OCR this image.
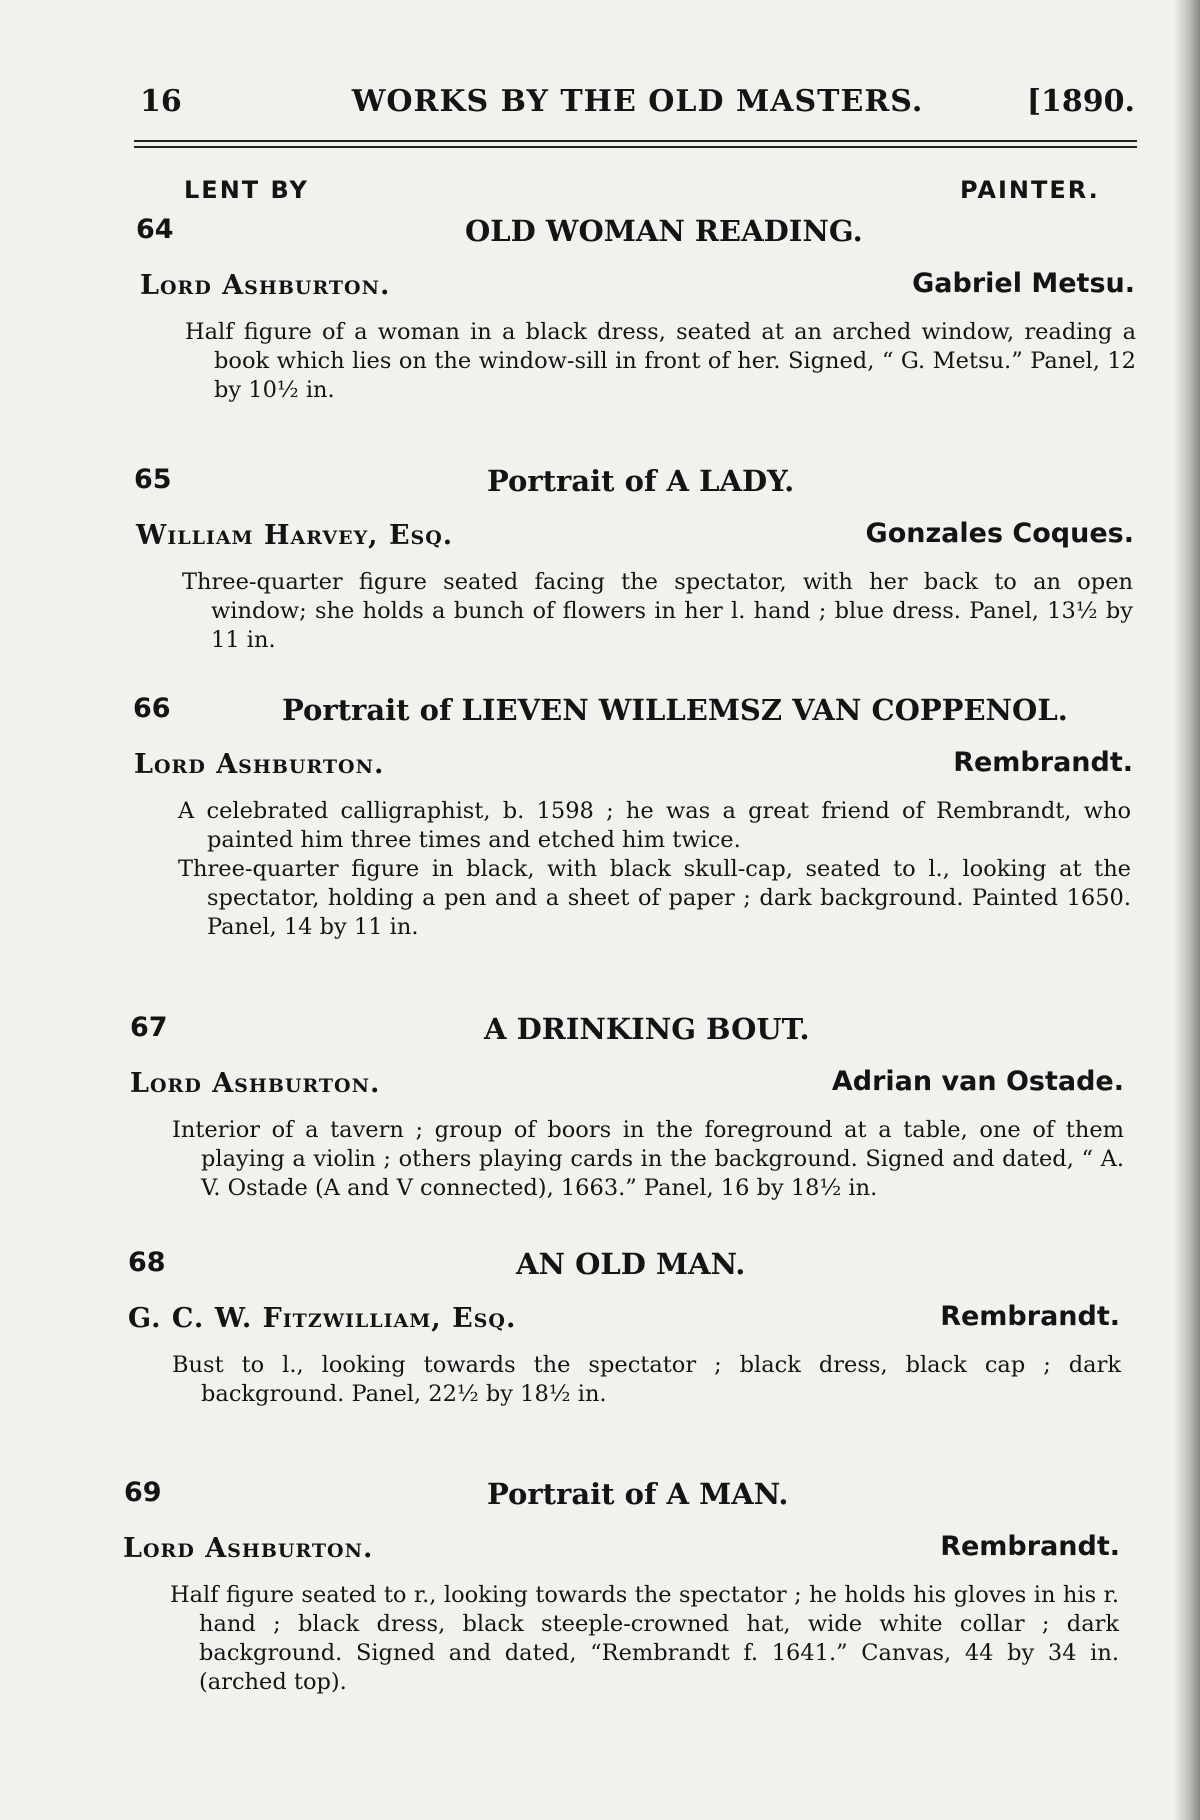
16	WORKS BY THE OLD MASTERS.	[1890.
LENT BY	PAINTER.
64	OLD WOMAN READING.
Lord Ashburton.	Gabriel Metsu.

Half figure of a woman in a black dress, seated at an arched window, reading a book which lies on the window-sill in front of her. Signed, “ G. Metsu.” Panel, 12 by 10½ in.

65	Portrait of A LADY.
William Harvey, Esq.	Gonzales Coques.

Three-quarter figure seated facing the spectator, with her back to an open window; she holds a bunch of flowers in her l. hand ; blue dress. Panel, 13½ by 11 in.

66	Portrait of LIEVEN WILLEMSZ VAN COPPENOL.
Lord Ashburton.	Rembrandt.

A celebrated calligraphist, b. 1598 ; he was a great friend of Rembrandt, who painted him three times and etched him twice.

Three-quarter figure in black, with black skull-cap, seated to l., looking at the spectator, holding a pen and a sheet of paper ; dark background. Painted 1650. Panel, 14 by 11 in.

67	A DRINKING BOUT.
Lord Ashburton.	Adrian van Ostade.

Interior of a tavern ; group of boors in the foreground at a table, one of them playing a violin ; others playing cards in the background. Signed and dated, “ A. V. Ostade (A and V connected), 1663.” Panel, 16 by 18½ in.

68	AN OLD MAN.
G. C. W. Fitzwilliam, Esq.	Rembrandt.

Bust to l., looking towards the spectator ; black dress, black cap ; dark background. Panel, 22½ by 18½ in.

69	Portrait of A MAN.
Lord Ashburton.	Rembrandt.

Half figure seated to r., looking towards the spectator ; he holds his gloves in his r. hand ; black dress, black steeple-crowned hat, wide white collar ; dark background. Signed and dated, “Rembrandt f. 1641.” Canvas, 44 by 34 in. (arched top).
